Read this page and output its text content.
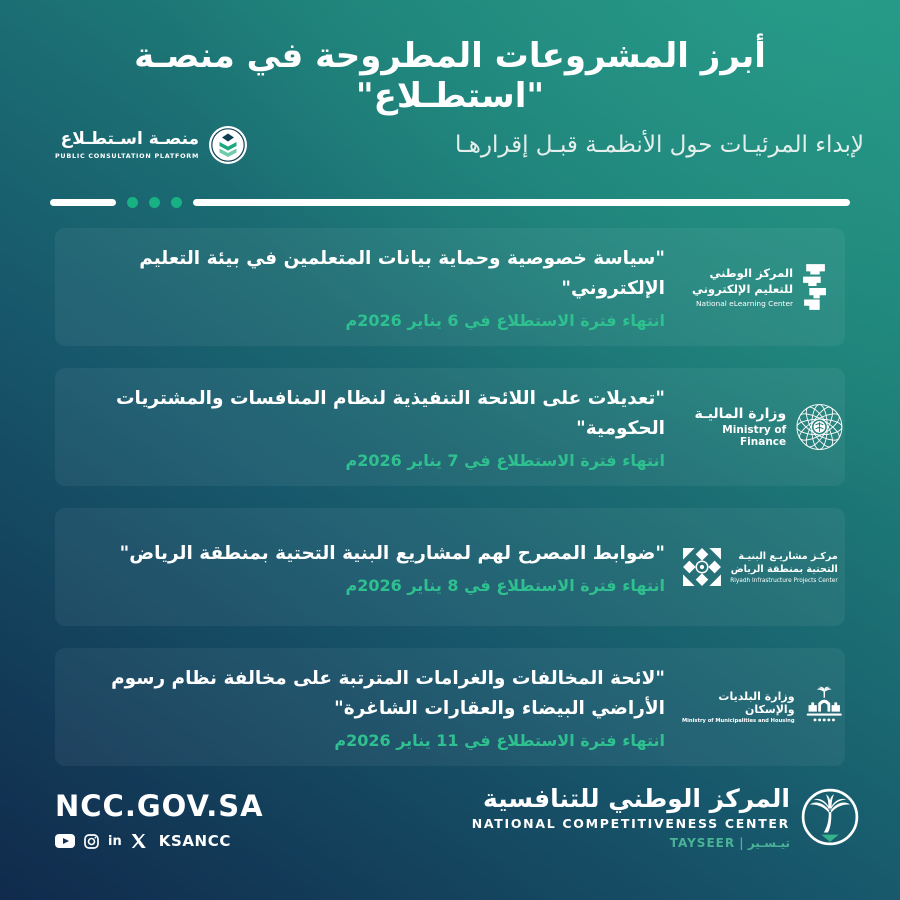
أبرز المشروعات المطروحة في منصـة "استطـلاع"
منصـة اسـتطـلاع
PUBLIC CONSULTATION PLATFORM	لإبداء المرئيـات حول الأنظمـة قبـل إقرارهـا
المركز الوطني
للتعليم الإلكتروني
National eLearning Center
"سياسة خصوصية وحماية بيانات المتعلمين في بيئة التعليم الإلكتروني"
انتهاء فترة الاستطلاع في 6 يناير 2026م
وزارة الماليـة
Ministry of Finance
"تعديلات على اللائحة التنفيذية لنظام المنافسات والمشتريات الحكومية"
انتهاء فترة الاستطلاع في 7 يناير 2026م
مركـز مشاريـع البنيـة
التحتية بمنطقة الرياض
Riyadh Infrastructure Projects Center
"ضوابط المصرح لهم لمشاريع البنية التحتية بمنطقة الرياض"
انتهاء فترة الاستطلاع في 8 يناير 2026م
وزارة البلديات والإسكان
Ministry of Municipalities and Housing
"لائحة المخالفات والغرامات المترتبة على مخالفة نظام رسوم الأراضي البيضاء والعقارات الشاغرة"
انتهاء فترة الاستطلاع في 11 يناير 2026م
NCC.GOV.SA
in KSANCC
المركز الوطني للتنافسية
NATIONAL COMPETITIVENESS CENTER
تيـسـير | TAYSEER
